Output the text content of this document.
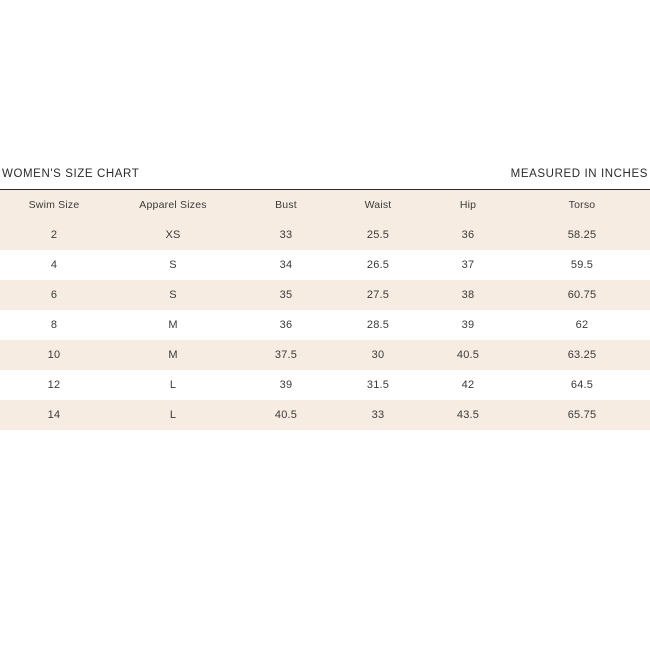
WOMEN'S SIZE CHART	MEASURED IN INCHES
Swim Size	Apparel Sizes	Bust	Waist	Hip	Torso
2	XS	33	25.5	36	58.25
4	S	34	26.5	37	59.5
6	S	35	27.5	38	60.75
8	M	36	28.5	39	62
10	M	37.5	30	40.5	63.25
12	L	39	31.5	42	64.5
14	L	40.5	33	43.5	65.75
